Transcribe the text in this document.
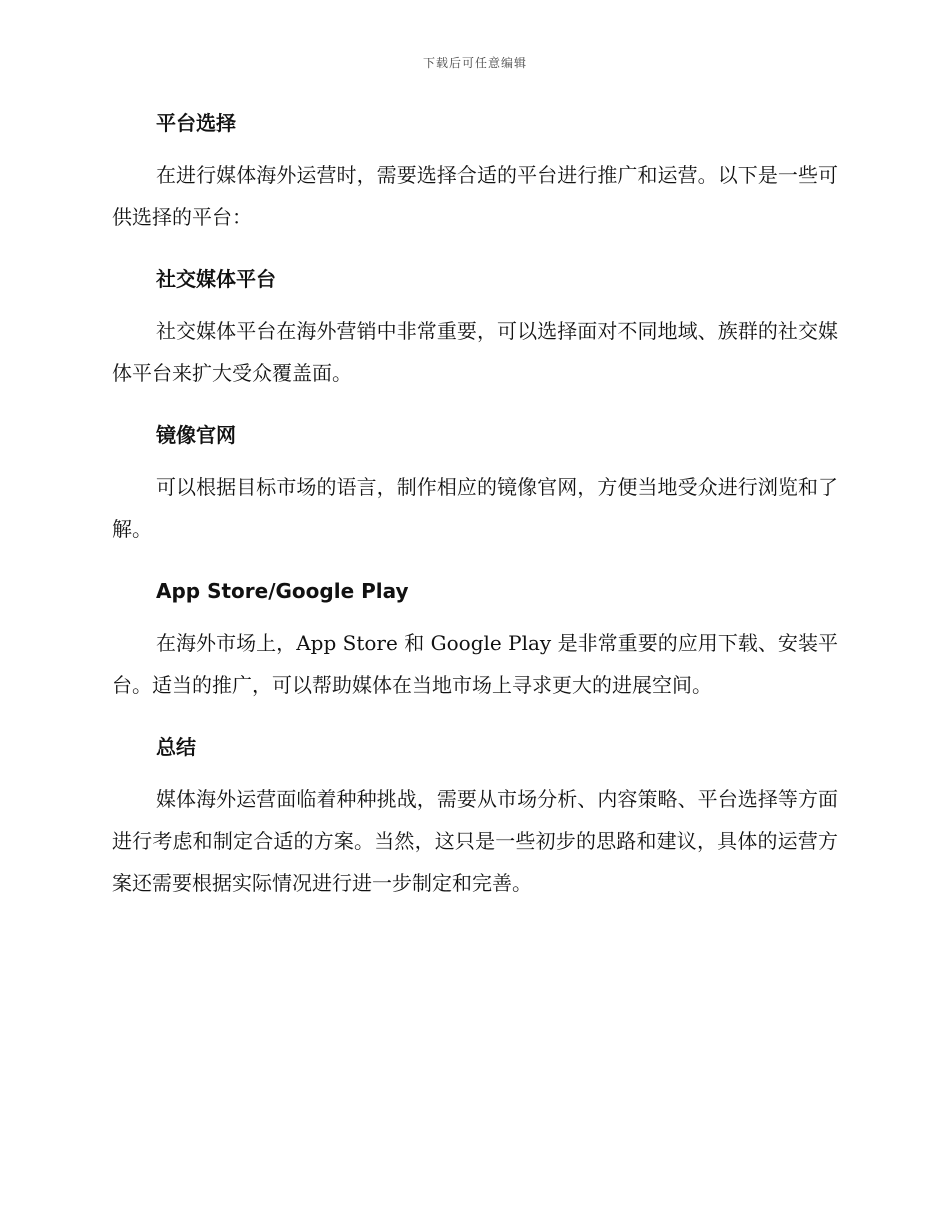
下载后可任意编辑
平台选择

在进行媒体海外运营时，需要选择合适的平台进行推广和运营。以下是一些可供选择的平台：

社交媒体平台

社交媒体平台在海外营销中非常重要，可以选择面对不同地域、族群的社交媒体平台来扩大受众覆盖面。

镜像官网

可以根据目标市场的语言，制作相应的镜像官网，方便当地受众进行浏览和了解。

App Store/Google Play

在海外市场上，App Store 和 Google Play 是非常重要的应用下载、安装平台。适当的推广，可以帮助媒体在当地市场上寻求更大的进展空间。

总结

媒体海外运营面临着种种挑战，需要从市场分析、内容策略、平台选择等方面进行考虑和制定合适的方案。当然，这只是一些初步的思路和建议，具体的运营方案还需要根据实际情况进行进一步制定和完善。
